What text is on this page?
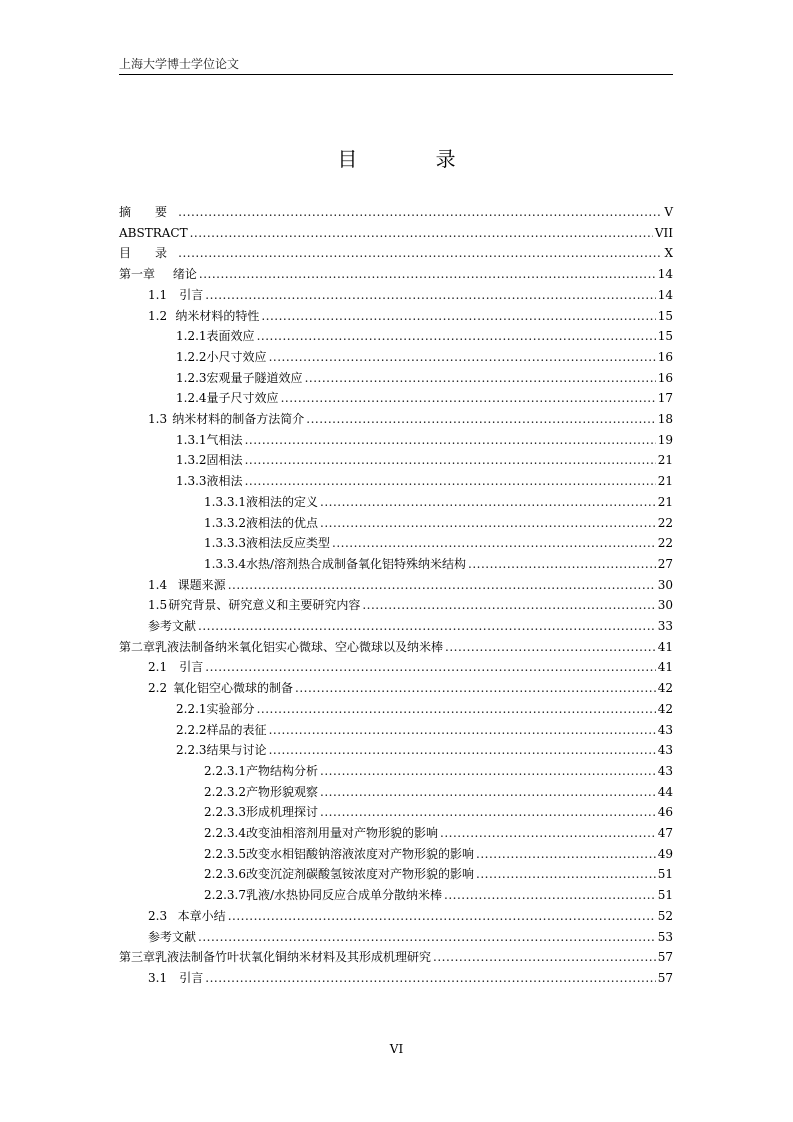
上海大学博士学位论文
目 录
摘　　要 .....	V
ABSTRACT .....	VII
目　　录 .....	X
第一章	绪论 .....	14
1.1	引言 .....	14
1.2 纳米材料的特性 .....	15
1.2.1 表面效应 .....	15
1.2.2 小尺寸效应 .....	16
1.2.3 宏观量子隧道效应 .....	16
1.2.4 量子尺寸效应 .....	17
1.3 纳米材料的制备方法简介 .....	18
1.3.1 气相法 .....	19
1.3.2 固相法 .....	21
1.3.3 液相法 .....	21
1.3.3.1 液相法的定义 .....	21
1.3.3.2 液相法的优点 .....	22
1.3.3.3 液相法反应类型 .....	22
1.3.3.4 水热/溶剂热合成制备氧化铝特殊纳米结构 .....	27
1.4 课题来源 .....	30
1.5 研究背景、研究意义和主要研究内容 .....	30
参考文献 .....	33
第二章 乳液法制备纳米氧化铝实心微球、空心微球以及纳米棒 .....	41
2.1	引言 .....	41
2.2 氧化铝空心微球的制备 .....	42
2.2.1 实验部分 .....	42
2.2.2 样品的表征 .....	43
2.2.3 结果与讨论 .....	43
2.2.3.1 产物结构分析 .....	43
2.2.3.2 产物形貌观察 .....	44
2.2.3.3 形成机理探讨 .....	46
2.2.3.4 改变油相溶剂用量对产物形貌的影响 .....	47
2.2.3.5 改变水相铝酸钠溶液浓度对产物形貌的影响 .....	49
2.2.3.6 改变沉淀剂碳酸氢铵浓度对产物形貌的影响 .....	51
2.2.3.7 乳液/水热协同反应合成单分散纳米棒 .....	51
2.3 本章小结 .....	52
参考文献 .....	53
第三章 乳液法制备竹叶状氧化铜纳米材料及其形成机理研究 .....	57
3.1	引言 .....	57
VI
